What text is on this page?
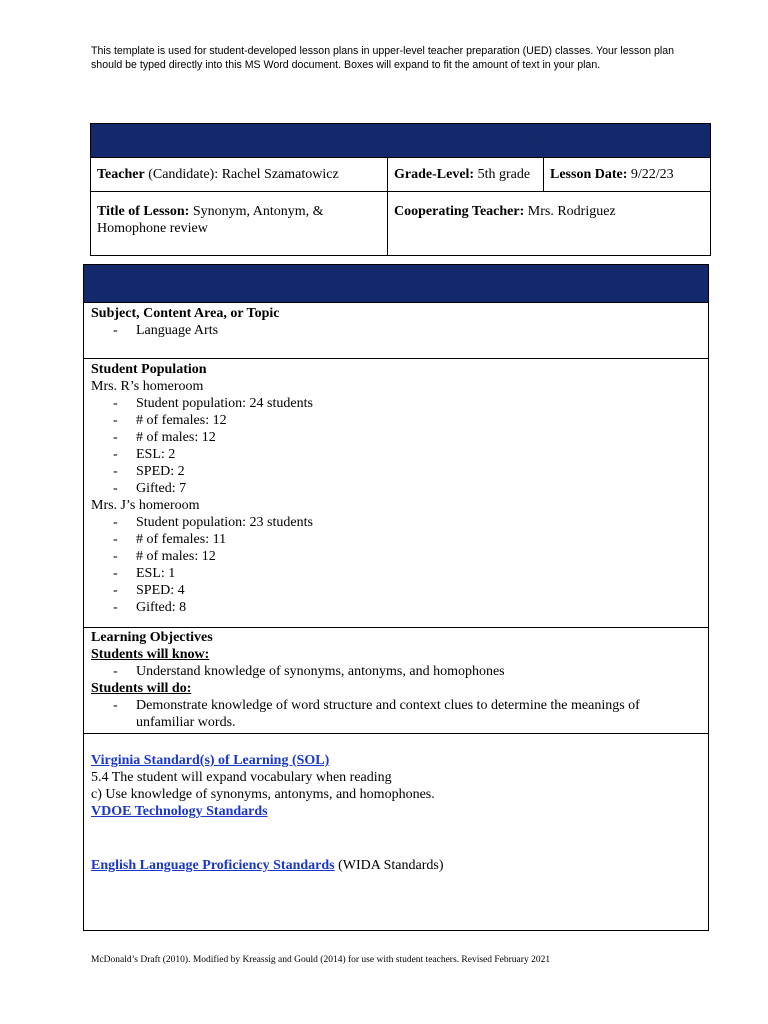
This template is used for student-developed lesson plans in upper-level teacher preparation (UED) classes. Your lesson plan should be typed directly into this MS Word document. Boxes will expand to fit the amount of text in your plan.
Level II - Teacher Ed Lesson Plan Template (UED Courses)		
Teacher (Candidate): Rachel Szamatowicz	Grade-Level: 5th grade	Lesson Date: 9/22/23
Title of Lesson: Synonym, Antonym, & Homophone review	Cooperating Teacher: Mrs. Rodriguez	
Core Components

Subject, Content Area, or Topic
- Language Arts

Student Population
Mrs. R’s homeroom
- Student population: 24 students
- # of females: 12
- # of males: 12
- ESL: 2
- SPED: 2
- Gifted: 7
Mrs. J’s homeroom
- Student population: 23 students
- # of females: 11
- # of males: 12
- ESL: 1
- SPED: 4
- Gifted: 8

Learning Objectives
Students will know:
- Understand knowledge of synonyms, antonyms, and homophones
Students will do:
- Demonstrate knowledge of word structure and context clues to determine the meanings of unfamiliar words.

Virginia Standard(s) of Learning (SOL)
5.4 The student will expand vocabulary when reading
c) Use knowledge of synonyms, antonyms, and homophones.
VDOE Technology Standards
English Language Proficiency Standards (WIDA Standards)
McDonald’s Draft (2010). Modified by Kreassig and Gould (2014) for use with student teachers. Revised February 2021
